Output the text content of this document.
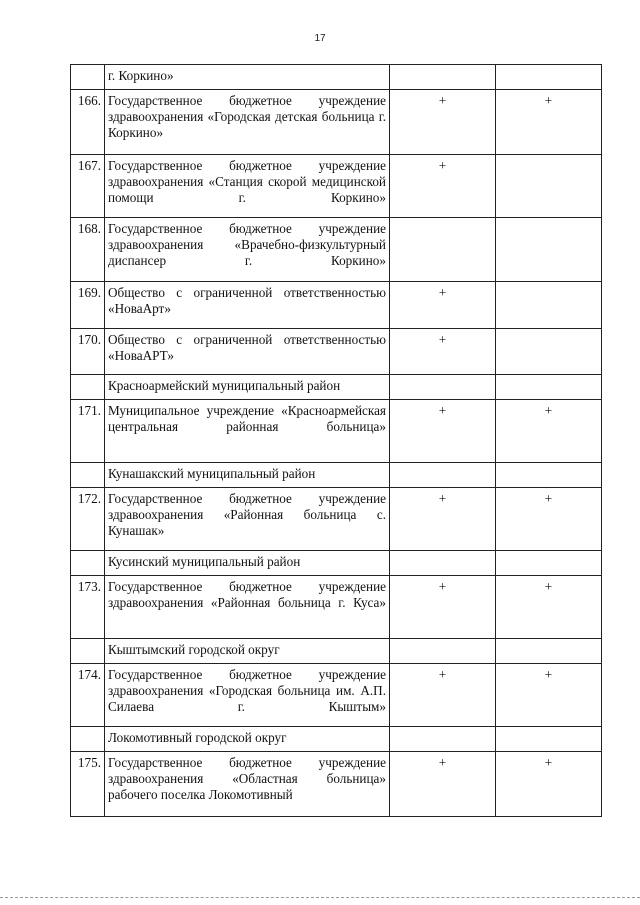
17
	г. Коркино»		
166.	Государственное бюджетное учреждение здравоохранения «Городская детская больница г. Коркино»	+	+
167.	Государственное бюджетное учреждение здравоохранения «Станция скорой медицинской помощи г. Коркино»	+	
168.	Государственное бюджетное учреждение здравоохранения «Врачебно-физкультурный диспансер г. Коркино»		
169.	Общество с ограниченной ответственностью «НоваАрт»	+	
170.	Общество с ограниченной ответственностью «НоваАРТ»	+	
	Красноармейский муниципальный район		
171.	Муниципальное учреждение «Красноармейская центральная районная больница»	+	+
	Кунашакский муниципальный район		
172.	Государственное бюджетное учреждение здравоохранения «Районная больница с. Кунашак»	+	+
	Кусинский муниципальный район		
173.	Государственное бюджетное учреждение здравоохранения «Районная больница г. Куса»	+	+
	Кыштымский городской округ		
174.	Государственное бюджетное учреждение здравоохранения «Городская больница им. А.П. Силаева г. Кыштым»	+	+
	Локомотивный городской округ		
175.	Государственное бюджетное учреждение здравоохранения «Областная больница» рабочего поселка Локомотивный	+	+
